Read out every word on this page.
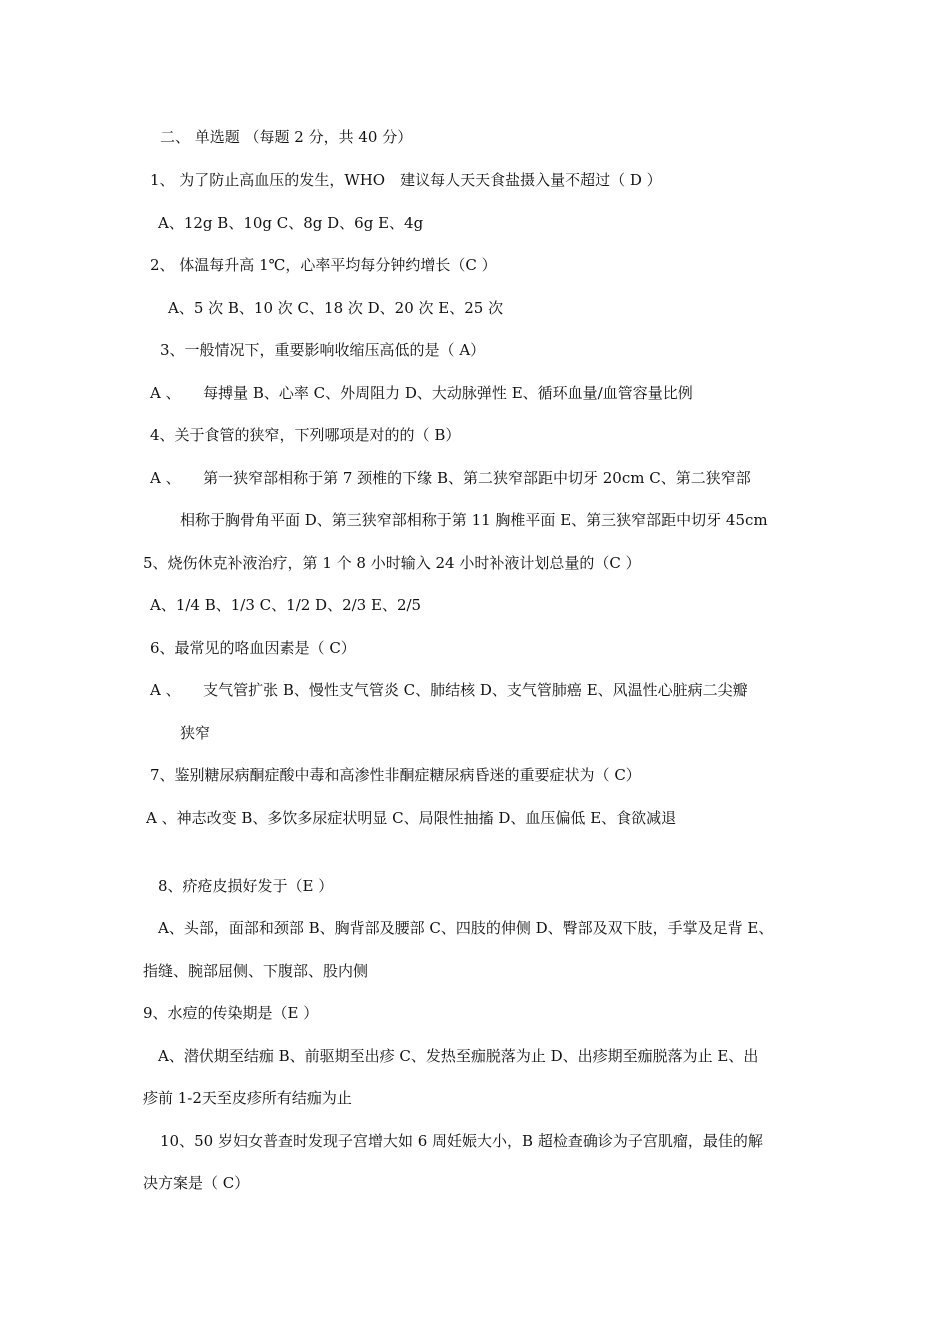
二、 单选题 （每题 2 分，共 40 分）
1、 为了防止高血压的发生，WHO　建议每人天天食盐摄入量不超过（ D ）
A、12g B、10g C、8g D、6g E、4g
2、 体温每升高 1℃，心率平均每分钟约增长（C ）
A、5 次 B、10 次 C、18 次 D、20 次 E、25 次
3、一般情况下，重要影响收缩压高低的是（ A）
A 、　　每搏量 B、心率 C、外周阻力 D、大动脉弹性 E、循环血量/血管容量比例
4、关于食管的狭窄，下列哪项是对的的（ B）
A 、　　第一狭窄部相称于第 7 颈椎的下缘 B、第二狭窄部距中切牙 20cm C、第二狭窄部
相称于胸骨角平面 D、第三狭窄部相称于第 11 胸椎平面 E、第三狭窄部距中切牙 45cm
5、烧伤休克补液治疗，第 1 个 8 小时输入 24 小时补液计划总量的（C ）
A、1/4 B、1/3 C、1/2 D、2/3 E、2/5
6、最常见的咯血因素是（ C）
A 、　　支气管扩张 B、慢性支气管炎 C、肺结核 D、支气管肺癌 E、风温性心脏病二尖瓣
狭窄
7、鉴别糖尿病酮症酸中毒和高渗性非酮症糖尿病昏迷的重要症状为（ C）
A 、神志改变 B、多饮多尿症状明显 C、局限性抽搐 D、血压偏低 E、食欲减退
8、疥疮皮损好发于（E ）
A、头部，面部和颈部 B、胸背部及腰部 C、四肢的伸侧 D、臀部及双下肢，手掌及足背 E、
指缝、腕部屈侧、下腹部、股内侧
9、水痘的传染期是（E ）
A、潜伏期至结痂 B、前驱期至出疹 C、发热至痂脱落为止 D、出疹期至痂脱落为止 E、出
疹前 1-2天至皮疹所有结痂为止
10、50 岁妇女普查时发现子宫增大如 6 周妊娠大小，B 超检查确诊为子宫肌瘤，最佳的解
决方案是（ C）
